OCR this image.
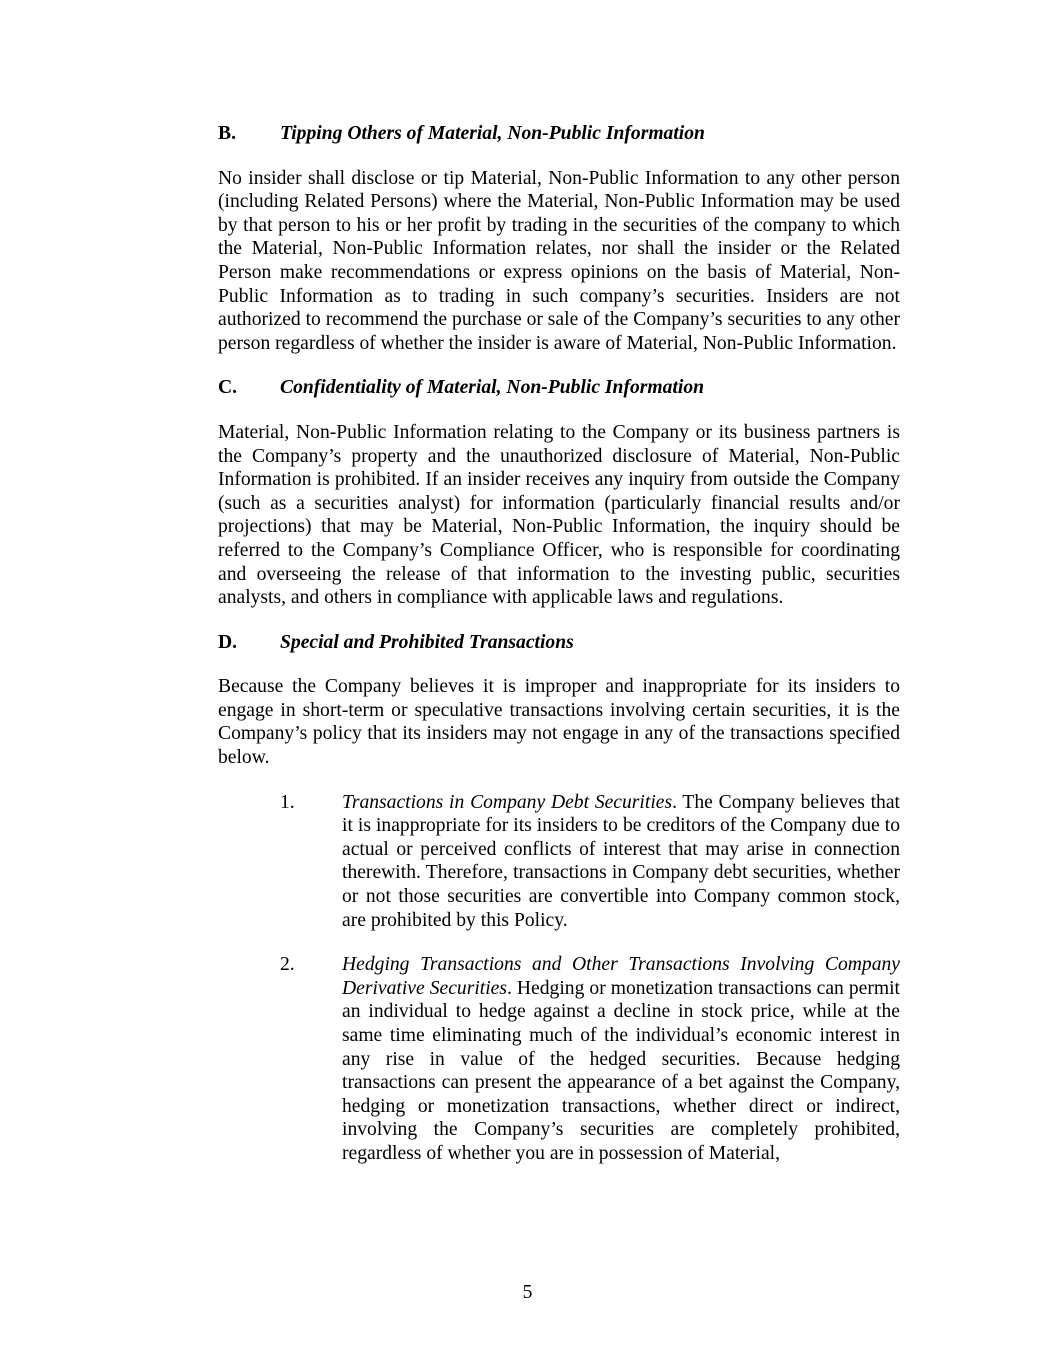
B.	Tipping Others of Material, Non-Public Information

No insider shall disclose or tip Material, Non-Public Information to any other person (including Related Persons) where the Material, Non-Public Information may be used by that person to his or her profit by trading in the securities of the company to which the Material, Non-Public Information relates, nor shall the insider or the Related Person make recommendations or express opinions on the basis of Material, Non-Public Information as to trading in such company’s securities. Insiders are not authorized to recommend the purchase or sale of the Company’s securities to any other person regardless of whether the insider is aware of Material, Non-Public Information.

C.	Confidentiality of Material, Non-Public Information

Material, Non-Public Information relating to the Company or its business partners is the Company’s property and the unauthorized disclosure of Material, Non-Public Information is prohibited. If an insider receives any inquiry from outside the Company (such as a securities analyst) for information (particularly financial results and/or projections) that may be Material, Non-Public Information, the inquiry should be referred to the Company’s Compliance Officer, who is responsible for coordinating and overseeing the release of that information to the investing public, securities analysts, and others in compliance with applicable laws and regulations.

D.	Special and Prohibited Transactions

Because the Company believes it is improper and inappropriate for its insiders to engage in short-term or speculative transactions involving certain securities, it is the Company’s policy that its insiders may not engage in any of the transactions specified below.

1.	Transactions in Company Debt Securities. The Company believes that it is inappropriate for its insiders to be creditors of the Company due to actual or perceived conflicts of interest that may arise in connection therewith. Therefore, transactions in Company debt securities, whether or not those securities are convertible into Company common stock, are prohibited by this Policy.
2.	Hedging Transactions and Other Transactions Involving Company Derivative Securities. Hedging or monetization transactions can permit an individual to hedge against a decline in stock price, while at the same time eliminating much of the individual’s economic interest in any rise in value of the hedged securities. Because hedging transactions can present the appearance of a bet against the Company, hedging or monetization transactions, whether direct or indirect, involving the Company’s securities are completely prohibited, regardless of whether you are in possession of Material,
5
